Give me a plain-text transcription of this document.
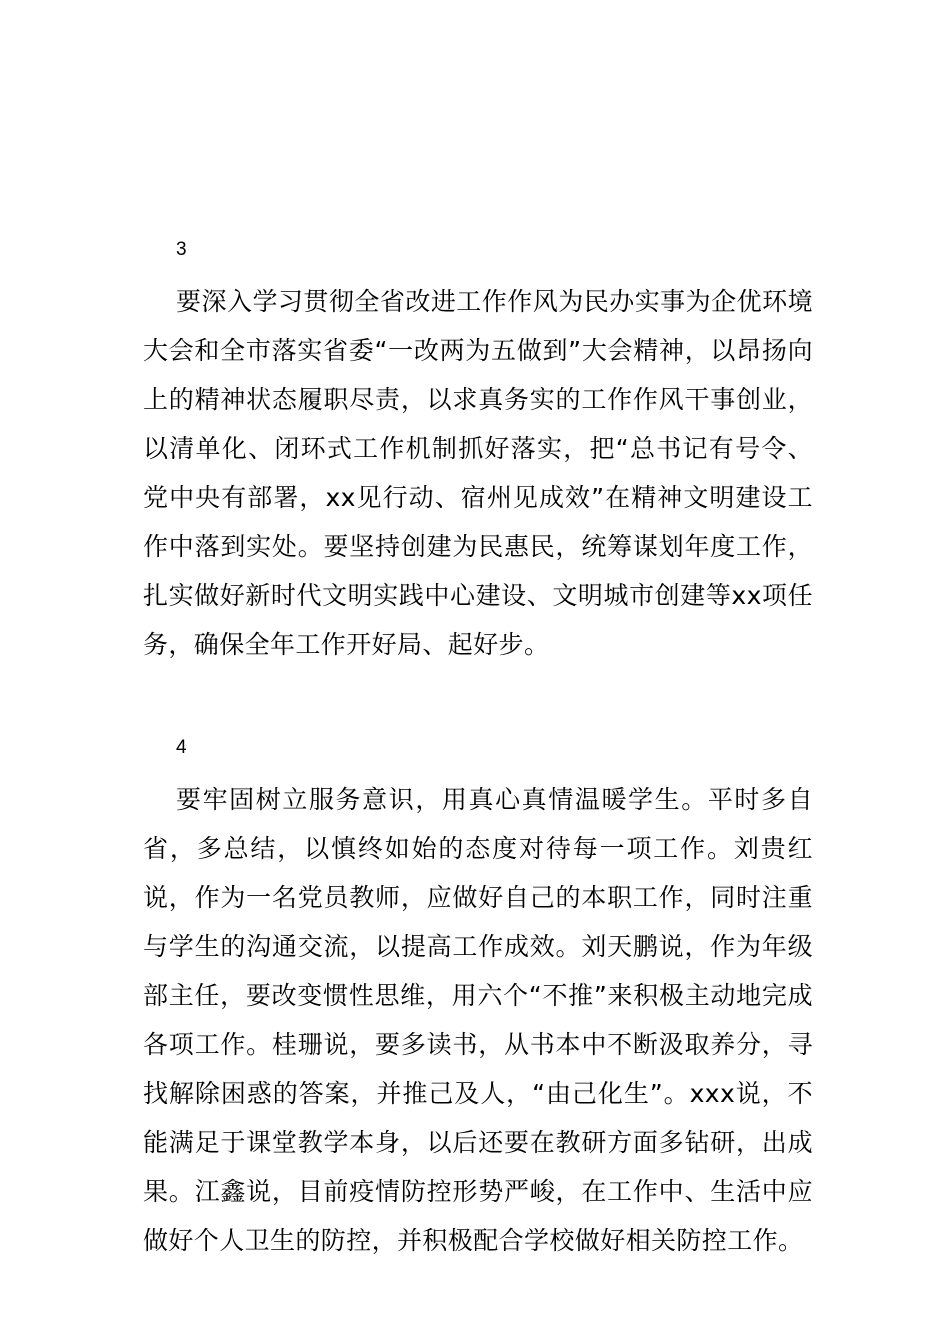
3

要深入学习贯彻全省改进工作作风为民办实事为企优环境大会和全市落实省委“一改两为五做到”大会精神，以昂扬向上的精神状态履职尽责，以求真务实的工作作风干事创业，以清单化、闭环式工作机制抓好落实，把“总书记有号令、党中央有部署，xx见行动、宿州见成效”在精神文明建设工作中落到实处。要坚持创建为民惠民，统筹谋划年度工作，扎实做好新时代文明实践中心建设、文明城市创建等xx项任务，确保全年工作开好局、起好步。

4

要牢固树立服务意识，用真心真情温暖学生。平时多自省，多总结，以慎终如始的态度对待每一项工作。刘贵红说，作为一名党员教师，应做好自己的本职工作，同时注重与学生的沟通交流，以提高工作成效。刘天鹏说，作为年级部主任，要改变惯性思维，用六个“不推”来积极主动地完成各项工作。桂珊说，要多读书，从书本中不断汲取养分，寻找解除困惑的答案，并推己及人，“由己化生”。xxx说，不能满足于课堂教学本身，以后还要在教研方面多钻研，出成果。江鑫说，目前疫情防控形势严峻，在工作中、生活中应做好个人卫生的防控，并积极配合学校做好相关防控工作。
